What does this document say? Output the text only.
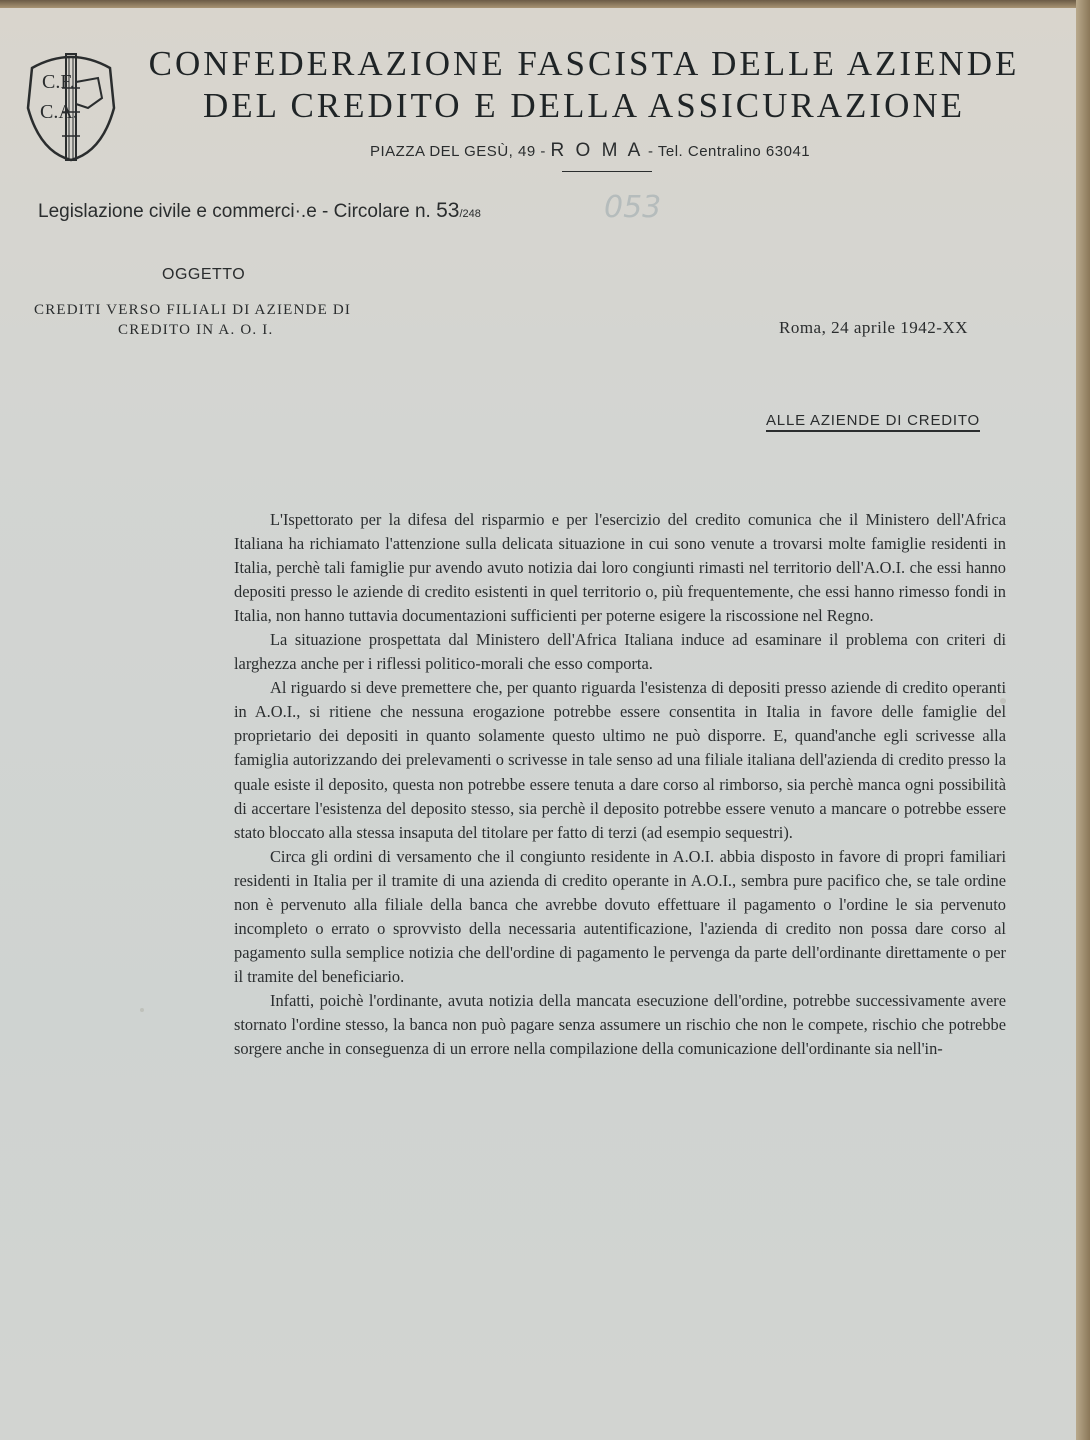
C.F.
C.A.
CONFEDERAZIONE FASCISTA DELLE AZIENDE
DEL CREDITO E DELLA ASSICURAZIONE
PIAZZA DEL GESÙ, 49 - R O M A - Tel. Centralino 63041
Legislazione civile e commerci·.e - Circolare n. 53/248	053
OGGETTO
CREDITI VERSO FILIALI DI AZIENDE DI
CREDITO IN A. O. I.	Roma, 24 aprile 1942-XX
ALLE AZIENDE DI CREDITO

L'Ispettorato per la difesa del risparmio e per l'esercizio del credito comunica che il Ministero dell'Africa Italiana ha richiamato l'attenzione sulla delicata situazione in cui sono venute a trovarsi molte famiglie residenti in Italia, perchè tali famiglie pur avendo avuto notizia dai loro congiunti rimasti nel territorio dell'A.O.I. che essi hanno depositi presso le aziende di credito esistenti in quel territorio o, più frequentemente, che essi hanno rimesso fondi in Italia, non hanno tuttavia documentazioni sufficienti per poterne esigere la riscossione nel Regno.

La situazione prospettata dal Ministero dell'Africa Italiana induce ad esaminare il problema con criteri di larghezza anche per i riflessi politico-morali che esso comporta.

Al riguardo si deve premettere che, per quanto riguarda l'esistenza di depositi presso aziende di credito operanti in A.O.I., si ritiene che nessuna erogazione potrebbe essere consentita in Italia in favore delle famiglie del proprietario dei depositi in quanto solamente questo ultimo ne può disporre. E, quand'anche egli scrivesse alla famiglia autorizzando dei prelevamenti o scrivesse in tale senso ad una filiale italiana dell'azienda di credito presso la quale esiste il deposito, questa non potrebbe essere tenuta a dare corso al rimborso, sia perchè manca ogni possibilità di accertare l'esistenza del deposito stesso, sia perchè il deposito potrebbe essere venuto a mancare o potrebbe essere stato bloccato alla stessa insaputa del titolare per fatto di terzi (ad esempio sequestri).

Circa gli ordini di versamento che il congiunto residente in A.O.I. abbia disposto in favore di propri familiari residenti in Italia per il tramite di una azienda di credito operante in A.O.I., sembra pure pacifico che, se tale ordine non è pervenuto alla filiale della banca che avrebbe dovuto effettuare il pagamento o l'ordine le sia pervenuto incompleto o errato o sprovvisto della necessaria autentificazione, l'azienda di credito non possa dare corso al pagamento sulla semplice notizia che dell'ordine di pagamento le pervenga da parte dell'ordinante direttamente o per il tramite del beneficiario.

Infatti, poichè l'ordinante, avuta notizia della mancata esecuzione dell'ordine, potrebbe successivamente avere stornato l'ordine stesso, la banca non può pagare senza assumere un rischio che non le compete, rischio che potrebbe sorgere anche in conseguenza di un errore nella compilazione della comunicazione dell'ordinante sia nell'in-
